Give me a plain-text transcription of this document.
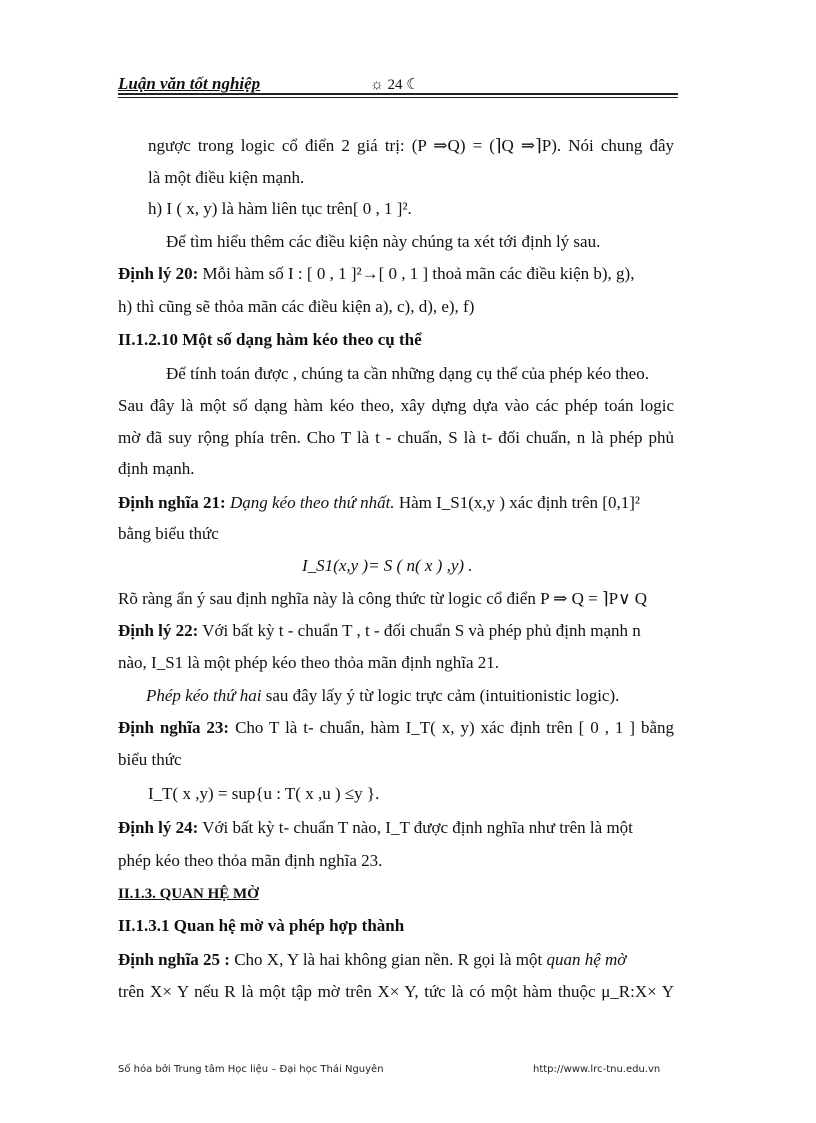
Luận văn tốt nghiệp	☼ 24 ☾
ngược trong logic cổ điển 2 giá trị: (P ⇒Q) = (⌉Q ⇒⌉P). Nói chung đây
là một điều kiện mạnh.
h) I ( x, y) là hàm liên tục trên[ 0 , 1 ]².
Để tìm hiểu thêm các điều kiện này chúng ta xét tới định lý sau.
Định lý 20: Mỗi hàm số I : [ 0 , 1 ]²→[ 0 , 1 ] thoả mãn các điều kiện b), g),
h) thì cũng sẽ thỏa mãn các điều kiện a), c), d), e), f)
II.1.2.10 Một số dạng hàm kéo theo cụ thể
Để tính toán được , chúng ta cần những dạng cụ thể của phép kéo theo.
Sau đây là một số dạng hàm kéo theo, xây dựng dựa vào các phép toán logic
mờ đã suy rộng phía trên. Cho T là t - chuẩn, S là t- đối chuẩn, n là phép phủ
định mạnh.
Định nghĩa 21: Dạng kéo theo thứ nhất. Hàm I_S1(x,y ) xác định trên [0,1]²
bằng biểu thức
I_S1(x,y )= S ( n( x ) ,y) .
Rõ ràng ẩn ý sau định nghĩa này là công thức từ logic cổ điển P ⇒ Q = ⌉P∨ Q
Định lý 22: Với bất kỳ t - chuẩn T , t - đối chuẩn S và phép phủ định mạnh n
nào, I_S1 là một phép kéo theo thỏa mãn định nghĩa 21.
Phép kéo thứ hai sau đây lấy ý từ logic trực cảm (intuitionistic logic).
Định nghĩa 23: Cho T là t- chuẩn, hàm I_T( x, y) xác định trên [ 0 , 1 ] bằng
biểu thức
I_T( x ,y) = sup{u : T( x ,u ) ≤y }.
Định lý 24: Với bất kỳ t- chuẩn T nào, I_T được định nghĩa như trên là một
phép kéo theo thỏa mãn định nghĩa 23.
II.1.3. QUAN HỆ MỜ
II.1.3.1 Quan hệ mờ và phép hợp thành
Định nghĩa 25 : Cho X, Y là hai không gian nền. R gọi là một quan hệ mờ
trên X× Y nếu R là một tập mờ trên X× Y, tức là có một hàm thuộc μ_R:X× Y
Số hóa bởi Trung tâm Học liệu – Đại học Thái Nguyên	http://www.lrc-tnu.edu.vn
